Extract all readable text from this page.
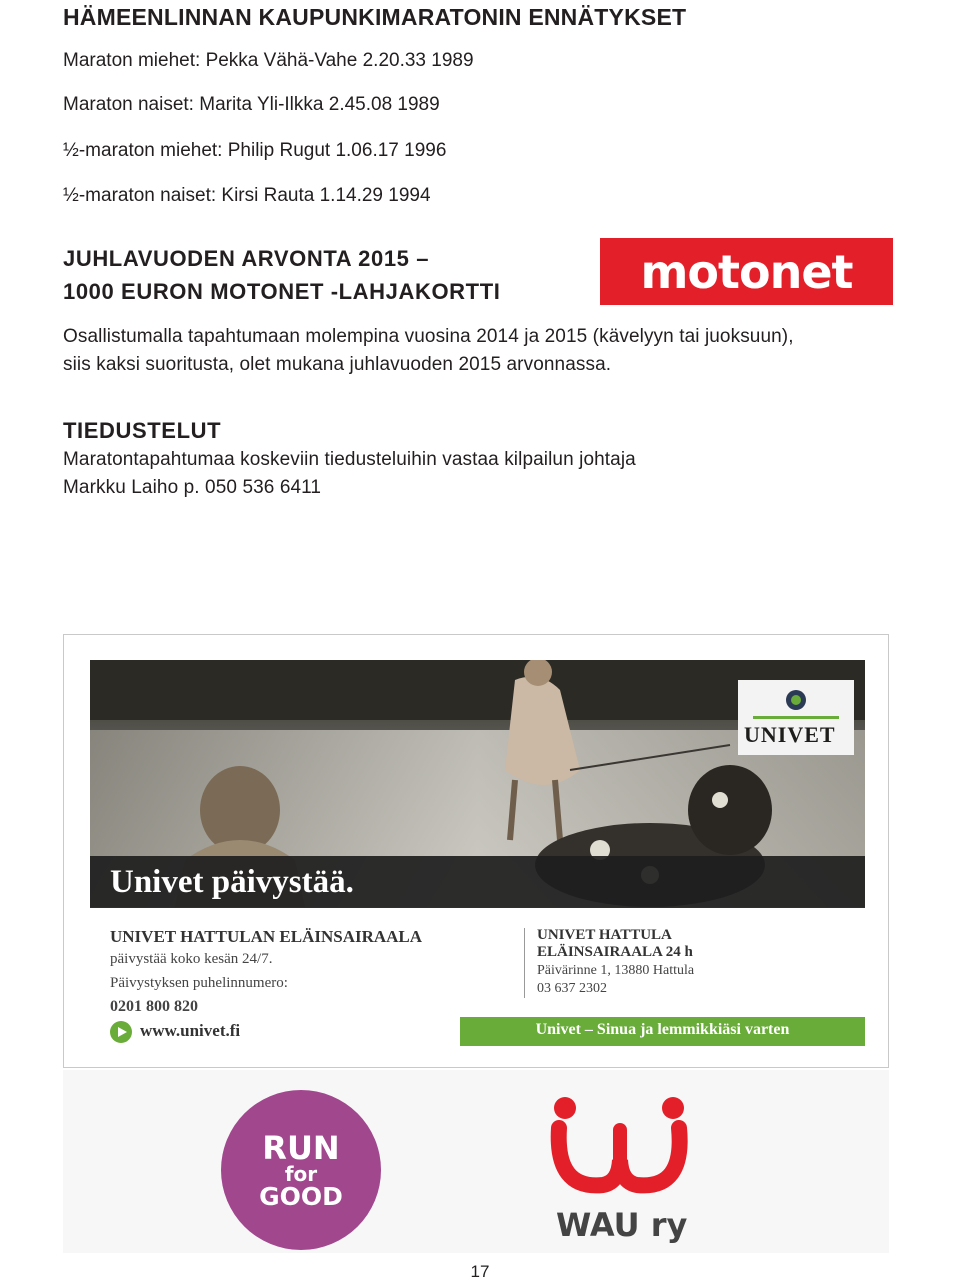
HÄMEENLINNAN KAUPUNKIMARATONIN ENNÄTYKSET
Maraton miehet: Pekka Vähä-Vahe 2.20.33 1989
Maraton naiset: Marita Yli-Ilkka 2.45.08 1989
½-maraton miehet: Philip Rugut 1.06.17 1996
½-maraton naiset: Kirsi Rauta 1.14.29 1994
JUHLAVUODEN ARVONTA 2015 –
1000 EURON MOTONET -LAHJAKORTTI	motonet
Osallistumalla tapahtumaan molempina vuosina 2014 ja 2015 (kävelyyn tai juoksuun),
siis kaksi suoritusta, olet mukana juhlavuoden 2015 arvonnassa.
TIEDUSTELUT
Maratontapahtumaa koskeviin tiedusteluihin vastaa kilpailun johtaja
Markku Laiho p. 050 536 6411
UNIVET
Univet päivystää.
UNIVET HATTULAN ELÄINSAIRAALA
päivystää koko kesän 24/7.
Päivystyksen puhelinnumero:
0201 800 820
www.univet.fi
UNIVET HATTULA
ELÄINSAIRAALA 24 h
Päivärinne 1, 13880 Hattula
03 637 2302
Univet – Sinua ja lemmikkiäsi varten
RUN
for
GOOD
WAU ry
17
